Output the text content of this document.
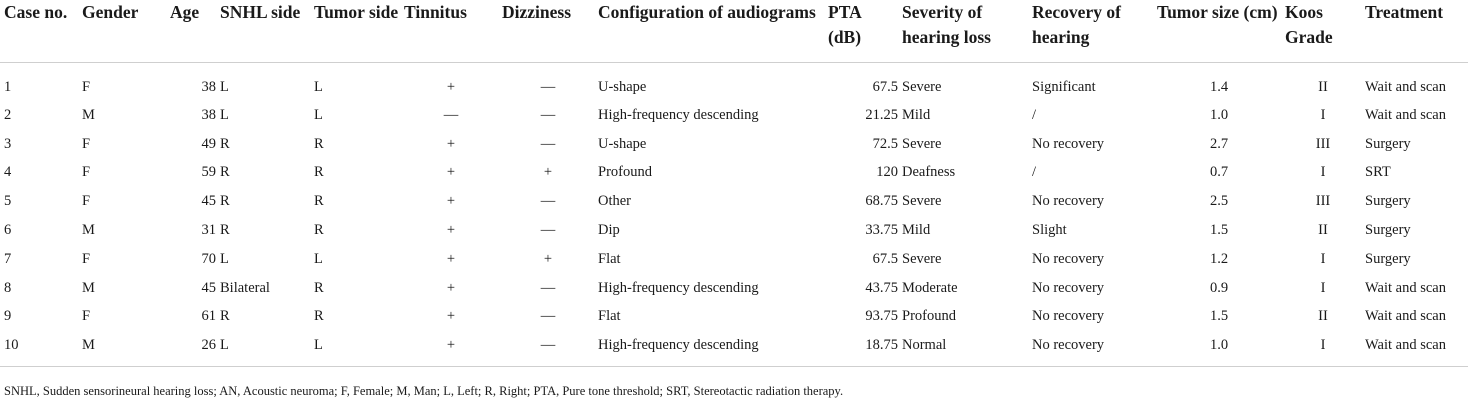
Case no.	Gender	Age	SNHL side	Tumor side	Tinnitus	Dizziness	Configuration of audiograms	PTA (dB)	Severity of hearing loss	Recovery of hearing	Tumor size (cm)	Koos Grade	Treatment
1	F	38	L	L	+	—	U-shape	67.5	Severe	Significant	1.4	II	Wait and scan
2	M	38	L	L	—	—	High-frequency descending	21.25	Mild	/	1.0	I	Wait and scan
3	F	49	R	R	+	—	U-shape	72.5	Severe	No recovery	2.7	III	Surgery
4	F	59	R	R	+	+	Profound	120	Deafness	/	0.7	I	SRT
5	F	45	R	R	+	—	Other	68.75	Severe	No recovery	2.5	III	Surgery
6	M	31	R	R	+	—	Dip	33.75	Mild	Slight	1.5	II	Surgery
7	F	70	L	L	+	+	Flat	67.5	Severe	No recovery	1.2	I	Surgery
8	M	45	Bilateral	R	+	—	High-frequency descending	43.75	Moderate	No recovery	0.9	I	Wait and scan
9	F	61	R	R	+	—	Flat	93.75	Profound	No recovery	1.5	II	Wait and scan
10	M	26	L	L	+	—	High-frequency descending	18.75	Normal	No recovery	1.0	I	Wait and scan
SNHL, Sudden sensorineural hearing loss; AN, Acoustic neuroma; F, Female; M, Man; L, Left; R, Right; PTA, Pure tone threshold; SRT, Stereotactic radiation therapy.
